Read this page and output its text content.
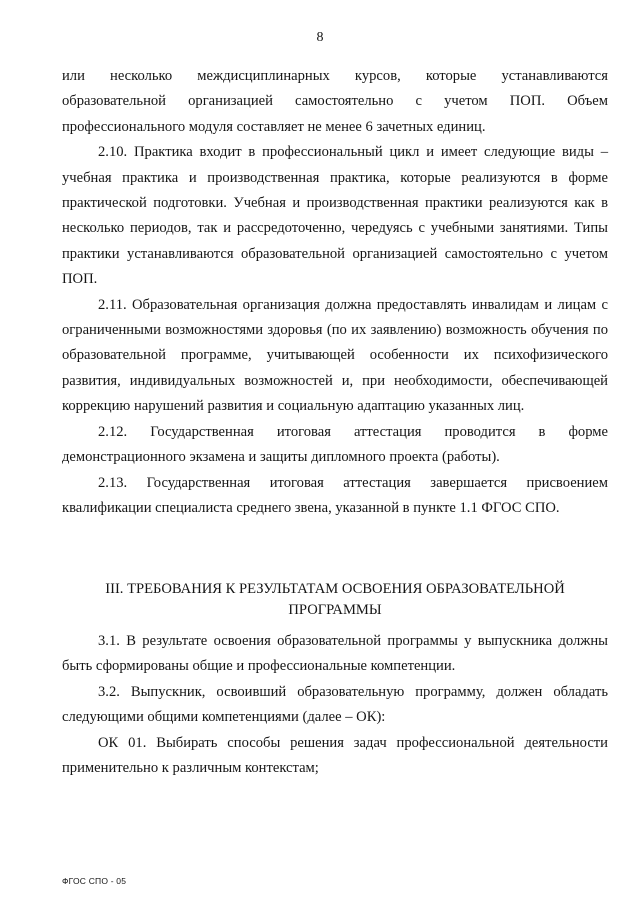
8

или несколько междисциплинарных курсов, которые устанавливаются образовательной организацией самостоятельно с учетом ПОП. Объем профессионального модуля составляет не менее 6 зачетных единиц.

2.10. Практика входит в профессиональный цикл и имеет следующие виды – учебная практика и производственная практика, которые реализуются в форме практической подготовки. Учебная и производственная практики реализуются как в несколько периодов, так и рассредоточенно, чередуясь с учебными занятиями. Типы практики устанавливаются образовательной организацией самостоятельно с учетом ПОП.

2.11. Образовательная организация должна предоставлять инвалидам и лицам с ограниченными возможностями здоровья (по их заявлению) возможность обучения по образовательной программе, учитывающей особенности их психофизического развития, индивидуальных возможностей и, при необходимости, обеспечивающей коррекцию нарушений развития и социальную адаптацию указанных лиц.

2.12. Государственная итоговая аттестация проводится в форме демонстрационного экзамена и защиты дипломного проекта (работы).

2.13. Государственная итоговая аттестация завершается присвоением квалификации специалиста среднего звена, указанной в пункте 1.1 ФГОС СПО.

III. ТРЕБОВАНИЯ К РЕЗУЛЬТАТАМ ОСВОЕНИЯ ОБРАЗОВАТЕЛЬНОЙ ПРОГРАММЫ

3.1. В результате освоения образовательной программы у выпускника должны быть сформированы общие и профессиональные компетенции.

3.2. Выпускник, освоивший образовательную программу, должен обладать следующими общими компетенциями (далее – ОК):

ОК 01. Выбирать способы решения задач профессиональной деятельности применительно к различным контекстам;

ФГОС СПО - 05
